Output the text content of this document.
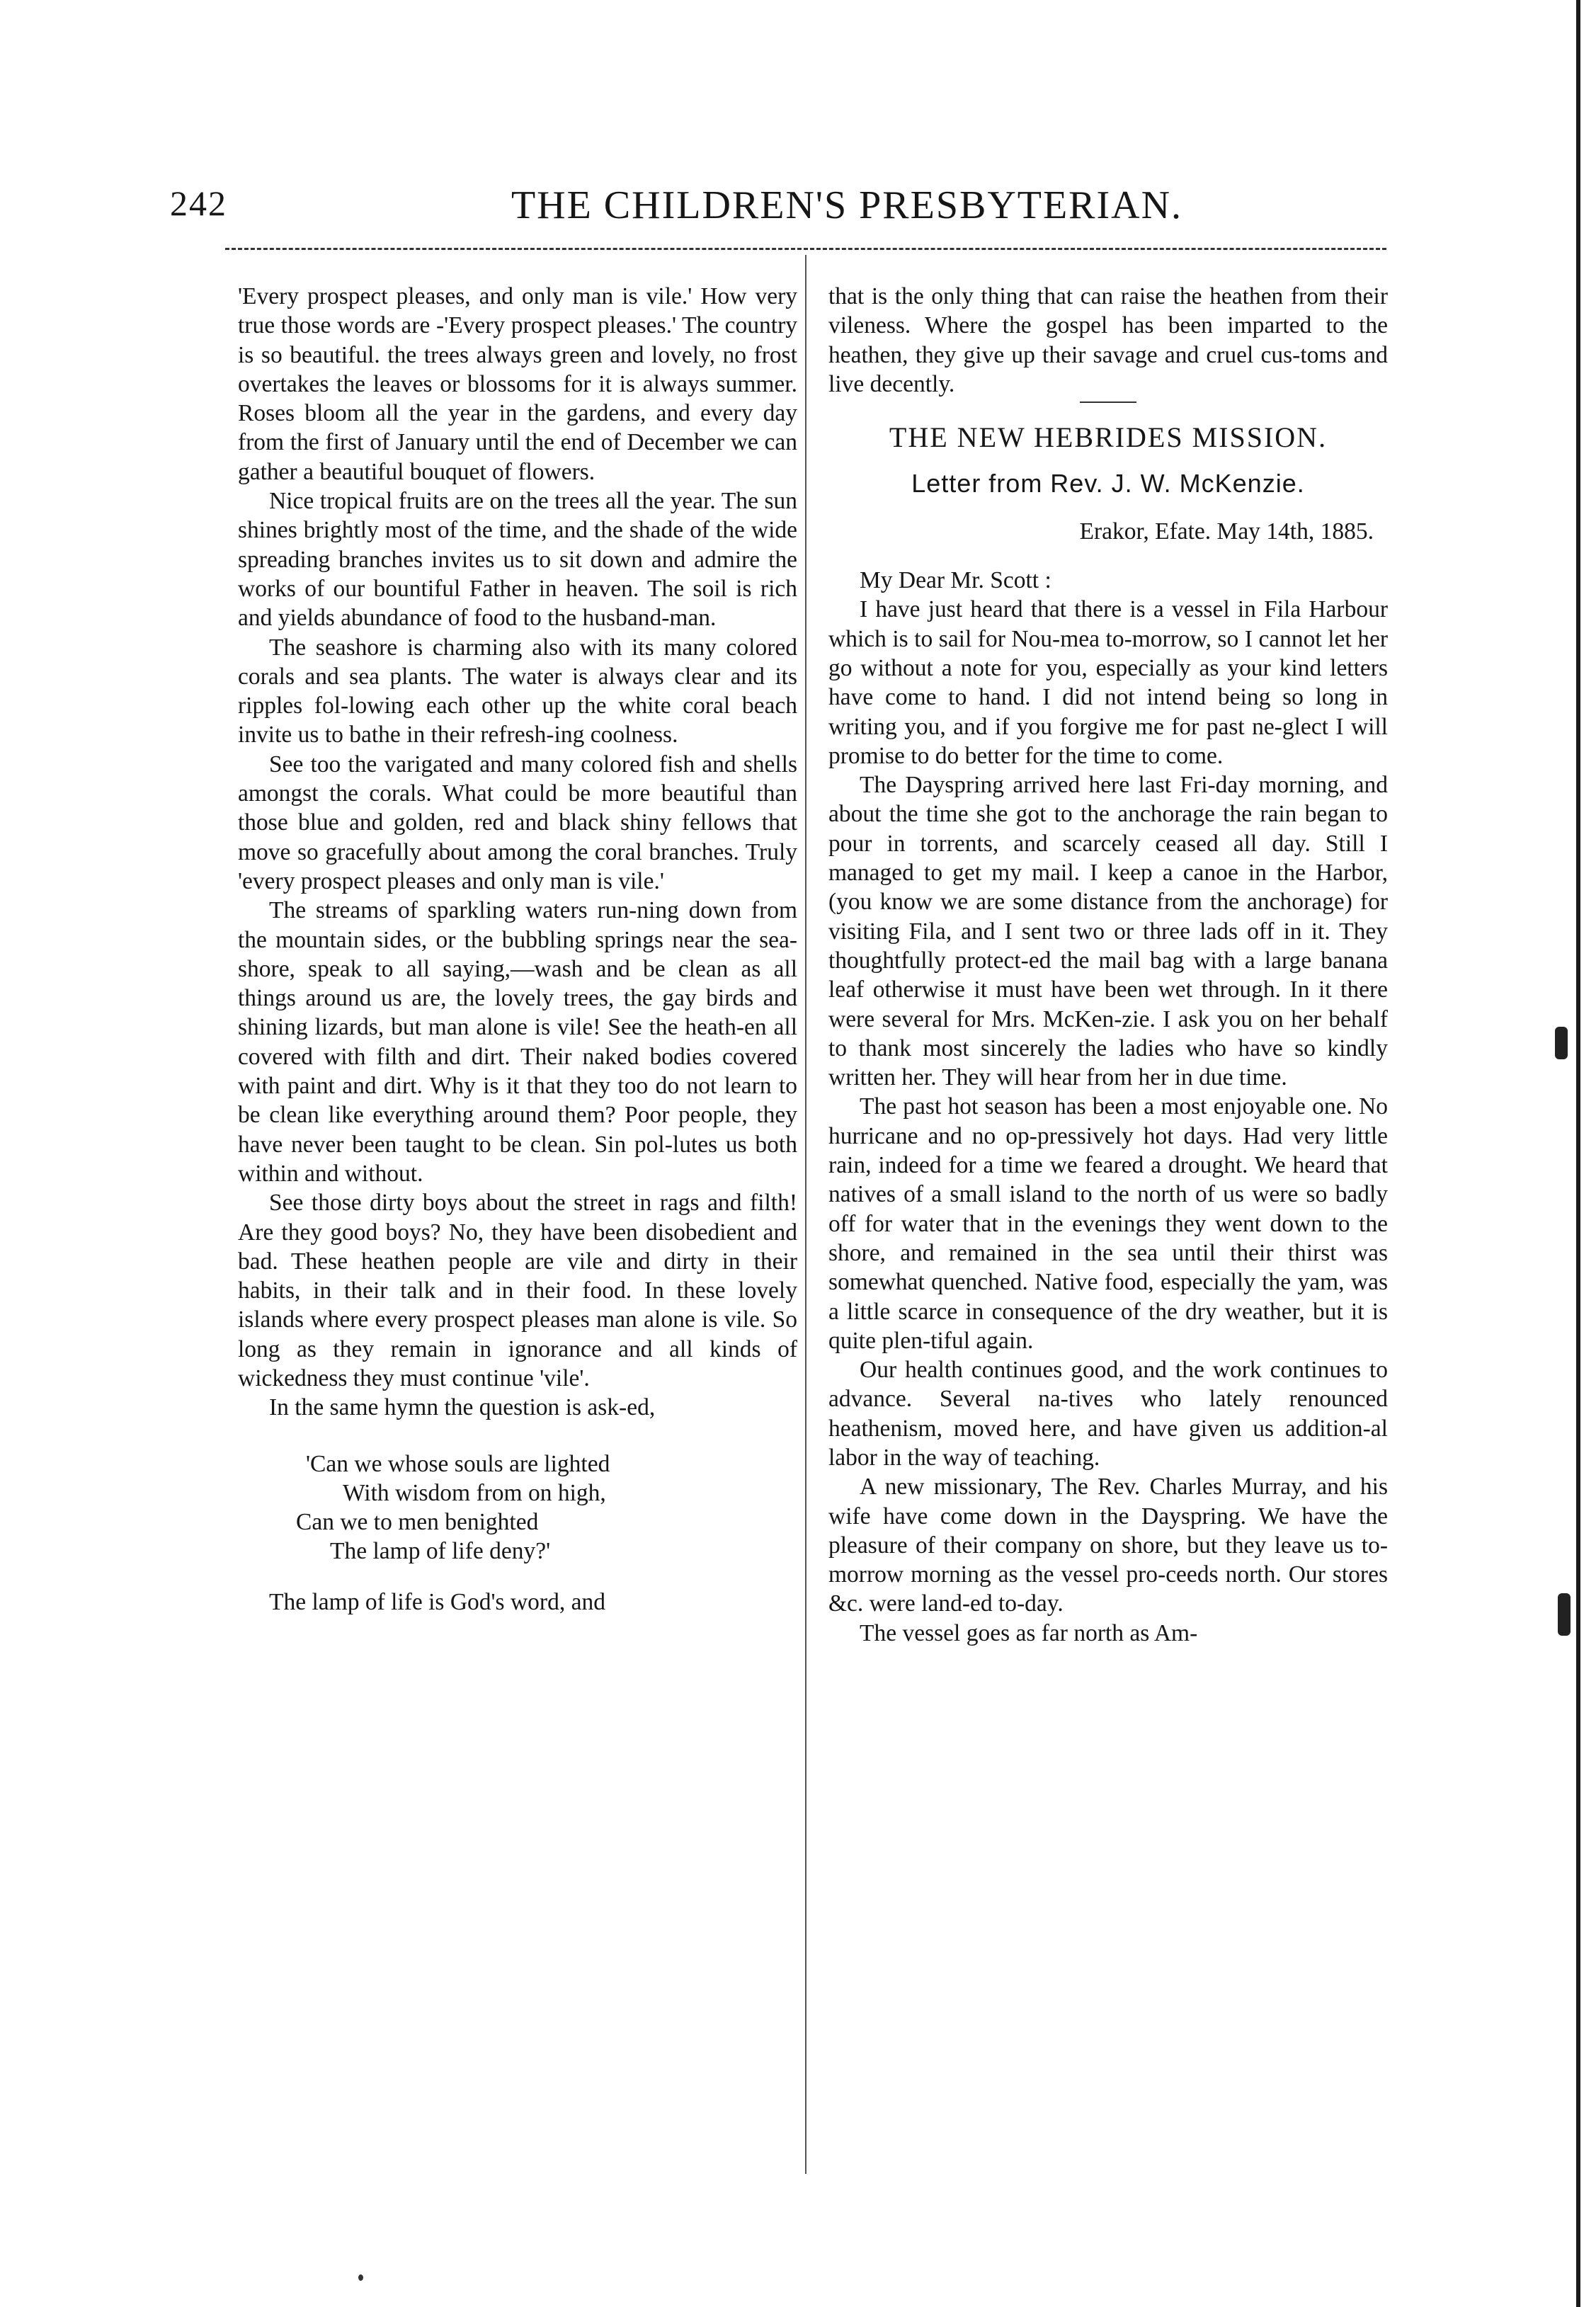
242	THE CHILDREN'S PRESBYTERIAN.

'Every prospect pleases, and only man is vile.' How very true those words are -'Every prospect pleases.' The country is so beautiful. the trees always green and lovely, no frost overtakes the leaves or blossoms for it is always summer. Roses bloom all the year in the gardens, and every day from the first of January until the end of December we can gather a beautiful bouquet of flowers.

Nice tropical fruits are on the trees all the year. The sun shines brightly most of the time, and the shade of the wide spreading branches invites us to sit down and admire the works of our bountiful Father in heaven. The soil is rich and yields abundance of food to the husband-man.

The seashore is charming also with its many colored corals and sea plants. The water is always clear and its ripples fol-lowing each other up the white coral beach invite us to bathe in their refresh-ing coolness.

See too the varigated and many colored fish and shells amongst the corals. What could be more beautiful than those blue and golden, red and black shiny fellows that move so gracefully about among the coral branches. Truly 'every prospect pleases and only man is vile.'

The streams of sparkling waters run-ning down from the mountain sides, or the bubbling springs near the sea-shore, speak to all saying,—wash and be clean as all things around us are, the lovely trees, the gay birds and shining lizards, but man alone is vile! See the heath-en all covered with filth and dirt. Their naked bodies covered with paint and dirt. Why is it that they too do not learn to be clean like everything around them? Poor people, they have never been taught to be clean. Sin pol-lutes us both within and without.

See those dirty boys about the street in rags and filth! Are they good boys? No, they have been disobedient and bad. These heathen people are vile and dirty in their habits, in their talk and in their food. In these lovely islands where every prospect pleases man alone is vile. So long as they remain in ignorance and all kinds of wickedness they must continue 'vile'.

In the same hymn the question is ask-ed,

'Can we whose souls are lighted
With wisdom from on high,
Can we to men benighted
The lamp of life deny?'

The lamp of life is God's word, and

that is the only thing that can raise the heathen from their vileness. Where the gospel has been imparted to the heathen, they give up their savage and cruel cus-toms and live decently.

THE NEW HEBRIDES MISSION.
Letter from Rev. J. W. McKenzie.
Erakor, Efate. May 14th, 1885.

My Dear Mr. Scott :

I have just heard that there is a vessel in Fila Harbour which is to sail for Nou-mea to-morrow, so I cannot let her go without a note for you, especially as your kind letters have come to hand. I did not intend being so long in writing you, and if you forgive me for past ne-glect I will promise to do better for the time to come.

The Dayspring arrived here last Fri-day morning, and about the time she got to the anchorage the rain began to pour in torrents, and scarcely ceased all day. Still I managed to get my mail. I keep a canoe in the Harbor, (you know we are some distance from the anchorage) for visiting Fila, and I sent two or three lads off in it. They thoughtfully protect-ed the mail bag with a large banana leaf otherwise it must have been wet through. In it there were several for Mrs. McKen-zie. I ask you on her behalf to thank most sincerely the ladies who have so kindly written her. They will hear from her in due time.

The past hot season has been a most enjoyable one. No hurricane and no op-pressively hot days. Had very little rain, indeed for a time we feared a drought. We heard that natives of a small island to the north of us were so badly off for water that in the evenings they went down to the shore, and remained in the sea until their thirst was somewhat quenched. Native food, especially the yam, was a little scarce in consequence of the dry weather, but it is quite plen-tiful again.

Our health continues good, and the work continues to advance. Several na-tives who lately renounced heathenism, moved here, and have given us addition-al labor in the way of teaching.

A new missionary, The Rev. Charles Murray, and his wife have come down in the Dayspring. We have the pleasure of their company on shore, but they leave us to-morrow morning as the vessel pro-ceeds north. Our stores &c. were land-ed to-day.

The vessel goes as far north as Am-
